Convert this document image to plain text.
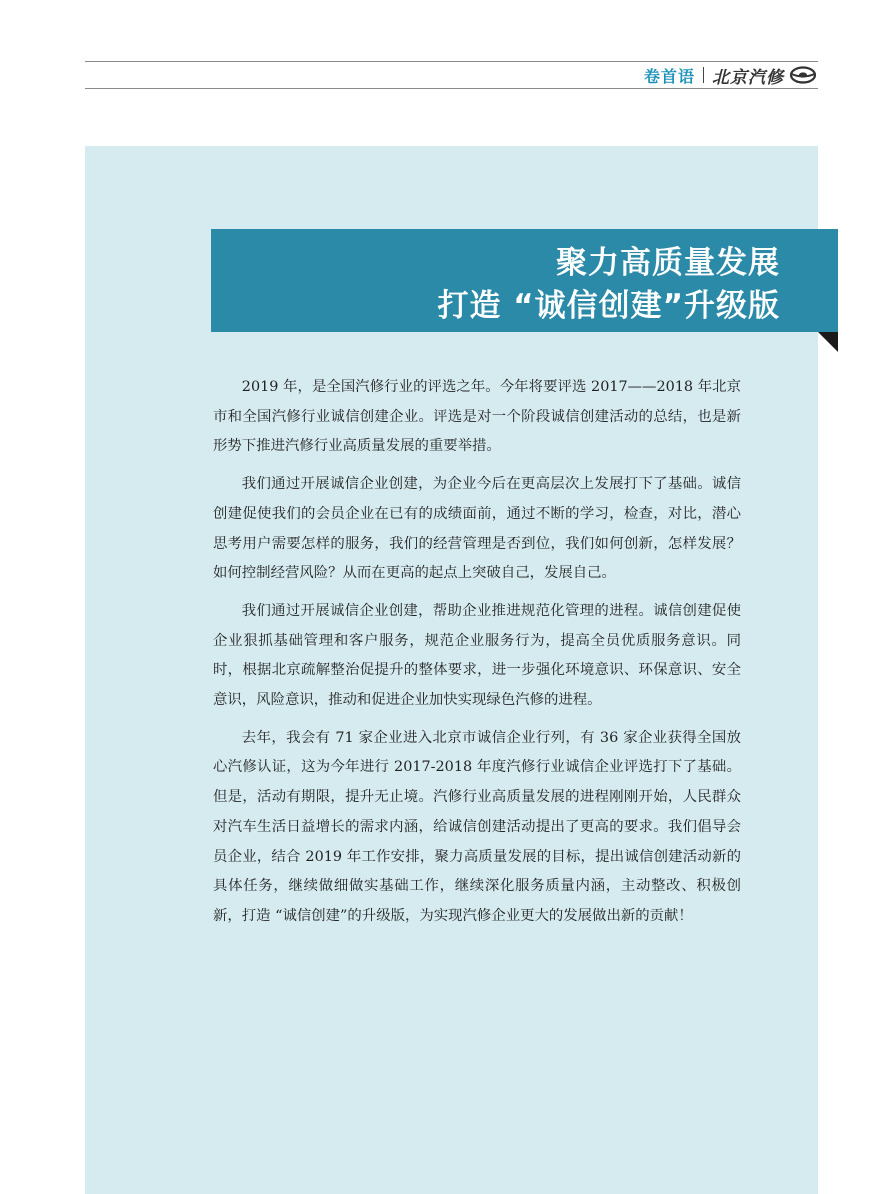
卷首语 北京汽修
聚力高质量发展
打造 “诚信创建”升级版

2019 年，是全国汽修行业的评选之年。今年将要评选 2017——2018 年北京市和全国汽修行业诚信创建企业。评选是对一个阶段诚信创建活动的总结，也是新形势下推进汽修行业高质量发展的重要举措。

我们通过开展诚信企业创建，为企业今后在更高层次上发展打下了基础。诚信创建促使我们的会员企业在已有的成绩面前，通过不断的学习，检查，对比，潜心思考用户需要怎样的服务，我们的经营管理是否到位，我们如何创新，怎样发展？如何控制经营风险？从而在更高的起点上突破自己，发展自己。

我们通过开展诚信企业创建，帮助企业推进规范化管理的进程。诚信创建促使企业狠抓基础管理和客户服务，规范企业服务行为，提高全员优质服务意识。同时，根据北京疏解整治促提升的整体要求，进一步强化环境意识、环保意识、安全意识，风险意识，推动和促进企业加快实现绿色汽修的进程。

去年，我会有 71 家企业进入北京市诚信企业行列，有 36 家企业获得全国放心汽修认证，这为今年进行 2017-2018 年度汽修行业诚信企业评选打下了基础。但是，活动有期限，提升无止境。汽修行业高质量发展的进程刚刚开始，人民群众对汽车生活日益增长的需求内涵，给诚信创建活动提出了更高的要求。我们倡导会员企业，结合 2019 年工作安排，聚力高质量发展的目标，提出诚信创建活动新的具体任务，继续做细做实基础工作，继续深化服务质量内涵，主动整改、积极创新，打造 “诚信创建”的升级版，为实现汽修企业更大的发展做出新的贡献！
